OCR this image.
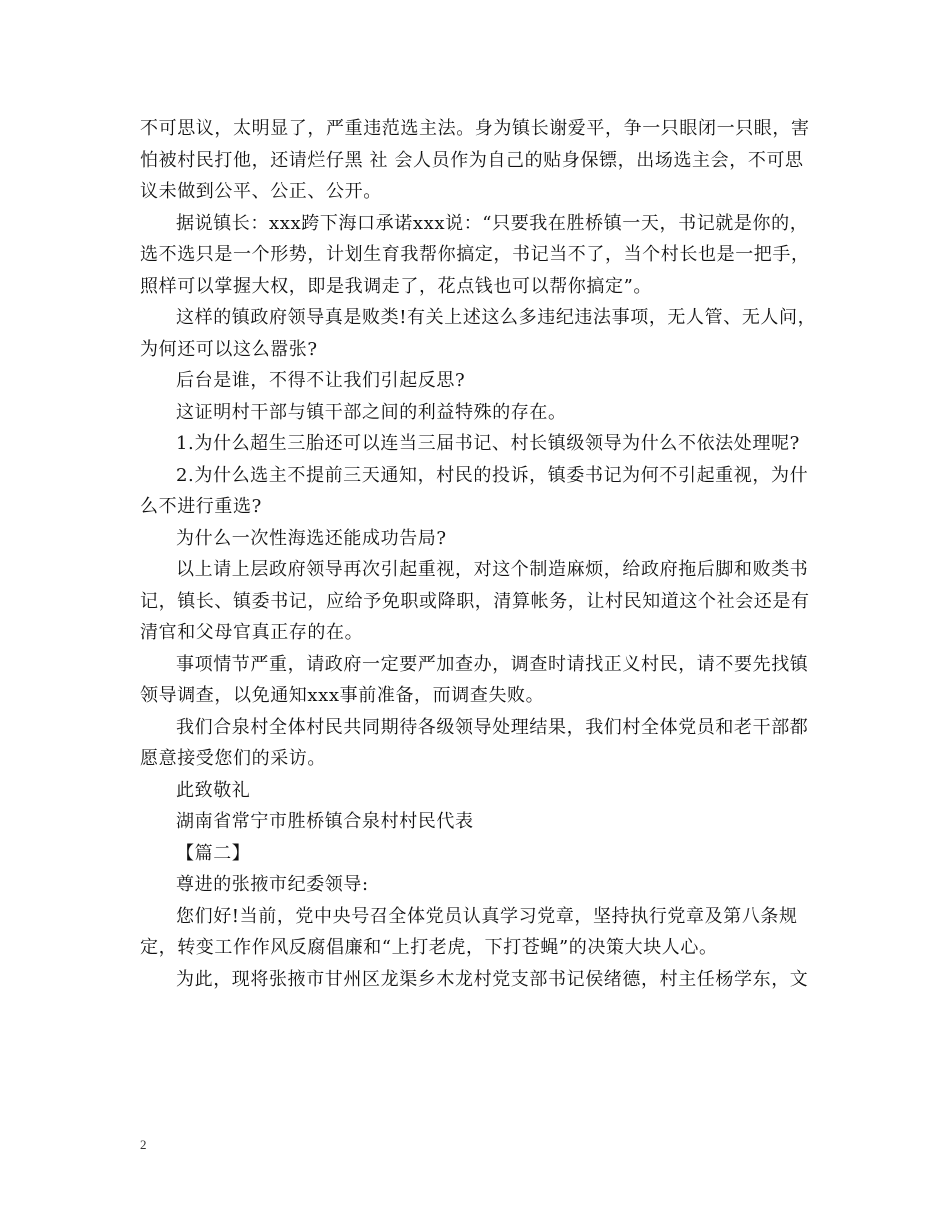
不可思议，太明显了，严重违范选主法。身为镇长谢爱平，争一只眼闭一只眼，害怕被村民打他，还请烂仔黑 社 会人员作为自己的贴身保镖，出场选主会，不可思议未做到公平、公正、公开。

据说镇长：xxx跨下海口承诺xxx说：“只要我在胜桥镇一天，书记就是你的，选不选只是一个形势，计划生育我帮你搞定，书记当不了，当个村长也是一把手，照样可以掌握大权，即是我调走了，花点钱也可以帮你搞定”。

这样的镇政府领导真是败类!有关上述这么多违纪违法事项，无人管、无人问，为何还可以这么嚣张?

后台是谁，不得不让我们引起反思?

这证明村干部与镇干部之间的利益特殊的存在。

1.为什么超生三胎还可以连当三届书记、村长镇级领导为什么不依法处理呢?

2.为什么选主不提前三天通知，村民的投诉，镇委书记为何不引起重视，为什么不进行重选?

为什么一次性海选还能成功告局?

以上请上层政府领导再次引起重视，对这个制造麻烦，给政府拖后脚和败类书记，镇长、镇委书记，应给予免职或降职，清算帐务，让村民知道这个社会还是有清官和父母官真正存的在。

事项情节严重，请政府一定要严加查办，调查时请找正义村民，请不要先找镇领导调查，以免通知xxx事前准备，而调查失败。

我们合泉村全体村民共同期待各级领导处理结果，我们村全体党员和老干部都愿意接受您们的采访。

此致敬礼

湖南省常宁市胜桥镇合泉村村民代表

【篇二】

尊进的张掖市纪委领导:

您们好!当前，党中央号召全体党员认真学习党章，坚持执行党章及第八条规定，转变工作作风反腐倡廉和“上打老虎，下打苍蝇”的决策大块人心。

为此，现将张掖市甘州区龙渠乡木龙村党支部书记侯绪德，村主任杨学东，文

2
